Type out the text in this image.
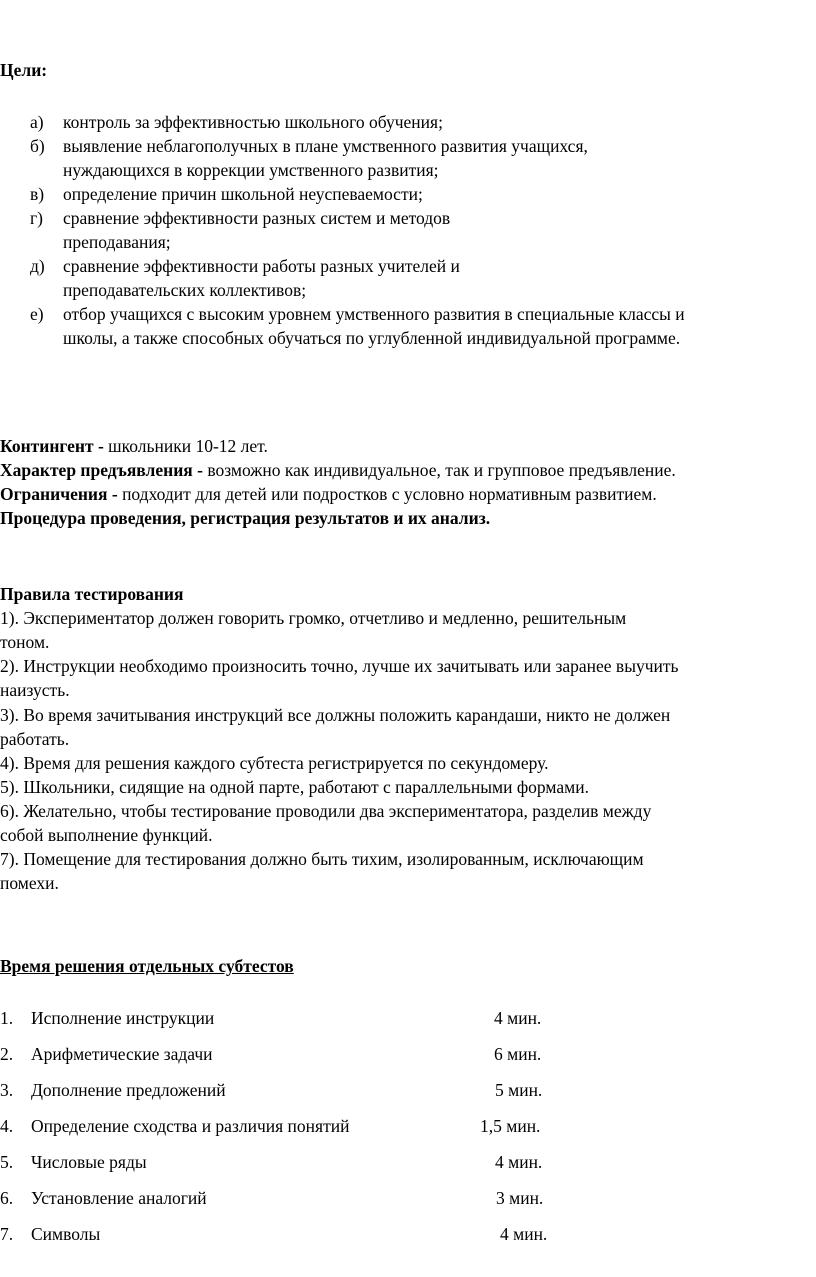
Цели:
а) контроль за эффективностью школьного обучения;
б) выявление неблагополучных в плане умственного развития учащихся,
нуждающихся в коррекции умственного развития;
в) определение причин школьной неуспеваемости;
г) сравнение эффективности разных систем и методов
преподавания;
д) сравнение эффективности работы разных учителей и
преподавательских коллективов;
е) отбор учащихся с высоким уровнем умственного развития в специальные классы и
школы, а также способных обучаться по углубленной индивидуальной программе.
Контингент - школьники 10-12 лет.
Характер предъявления - возможно как индивидуальное, так и групповое предъявление.
Ограничения - подходит для детей или подростков с условно нормативным развитием.
Процедура проведения, регистрация результатов и их анализ.
Правила тестирования
1). Экспериментатор должен говорить громко, отчетливо и медленно, решительным
тоном.
2). Инструкции необходимо произносить точно, лучше их зачитывать или заранее выучить
наизусть.
3). Во время зачитывания инструкций все должны положить карандаши, никто не должен
работать.
4). Время для решения каждого субтеста регистрируется по секундомеру.
5). Школьники, сидящие на одной парте, работают с параллельными формами.
6). Желательно, чтобы тестирование проводили два экспериментатора, разделив между
собой выполнение функций.
7). Помещение для тестирования должно быть тихим, изолированным, исключающим
помехи.
Время решения отдельных субтестов
1. Исполнение инструкции	4 мин.
2. Арифметические задачи	6 мин.
3. Дополнение предложений	5 мин.
4. Определение сходства и различия понятий	1,5 мин.
5. Числовые ряды	4 мин.
6. Установление аналогий	3 мин.
7. Символы	4 мин.
